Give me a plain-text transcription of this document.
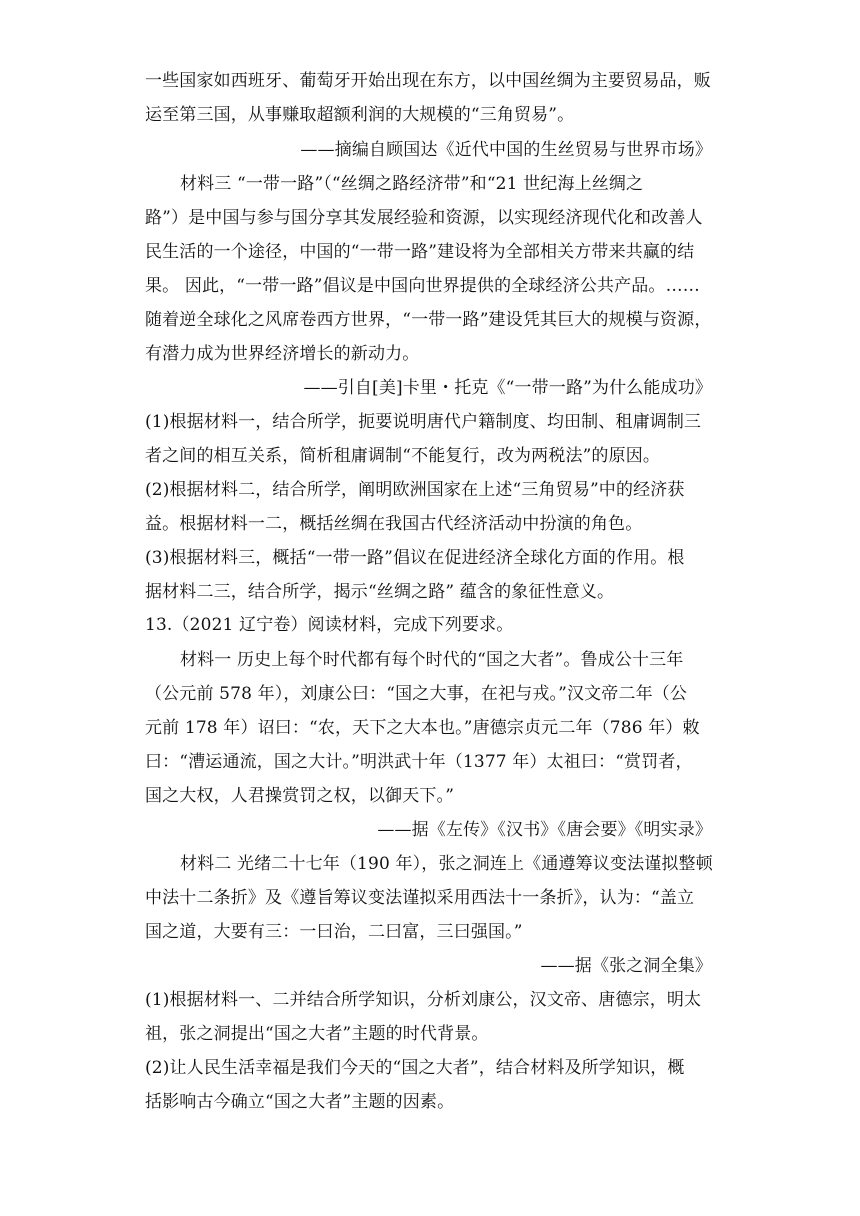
一些国家如西班牙、葡萄牙开始出现在东方，以中国丝绸为主要贸易品，贩
运至第三国，从事赚取超额利润的大规模的“三角贸易”。
——摘编自顾国达《近代中国的生丝贸易与世界市场》
材料三 “一带一路”（“丝绸之路经济带”和“21 世纪海上丝绸之
路”）是中国与参与国分享其发展经验和资源，以实现经济现代化和改善人
民生活的一个途径，中国的“一带一路”建设将为全部相关方带来共赢的结
果。 因此，“一带一路”倡议是中国向世界提供的全球经济公共产品。……
随着逆全球化之风席卷西方世界，“一带一路”建设凭其巨大的规模与资源，
有潜力成为世界经济增长的新动力。
——引自[美]卡里・托克《“一带一路”为什么能成功》
(1)根据材料一，结合所学，扼要说明唐代户籍制度、均田制、租庸调制三
者之间的相互关系，简析租庸调制“不能复行，改为两税法”的原因。
(2)根据材料二，结合所学，阐明欧洲国家在上述“三角贸易”中的经济获
益。根据材料一二，概括丝绸在我国古代经济活动中扮演的角色。
(3)根据材料三，概括“一带一路”倡议在促进经济全球化方面的作用。根
据材料二三，结合所学，揭示“丝绸之路” 蕴含的象征性意义。
13.（2021 辽宁卷）阅读材料，完成下列要求。
材料一 历史上每个时代都有每个时代的“国之大者”。鲁成公十三年
（公元前 578 年），刘康公曰：“国之大事，在祀与戎。”汉文帝二年（公
元前 178 年）诏曰：“农，天下之大本也。”唐德宗贞元二年（786 年）敕
曰：“漕运通流，国之大计。”明洪武十年（1377 年）太祖曰：“赏罚者，
国之大权，人君操赏罚之权，以御天下。”
——据《左传》《汉书》《唐会要》《明实录》
材料二 光绪二十七年（190 年），张之洞连上《通遵筹议变法谨拟整顿
中法十二条折》及《遵旨筹议变法谨拟采用西法十一条折》，认为：“盖立
国之道，大要有三：一曰治，二曰富，三曰强国。”
——据《张之洞全集》
(1)根据材料一、二并结合所学知识，分析刘康公，汉文帝、唐德宗，明太
祖，张之洞提出“国之大者”主题的时代背景。
(2)让人民生活幸福是我们今天的“国之大者”，结合材料及所学知识，概
括影响古今确立“国之大者”主题的因素。
